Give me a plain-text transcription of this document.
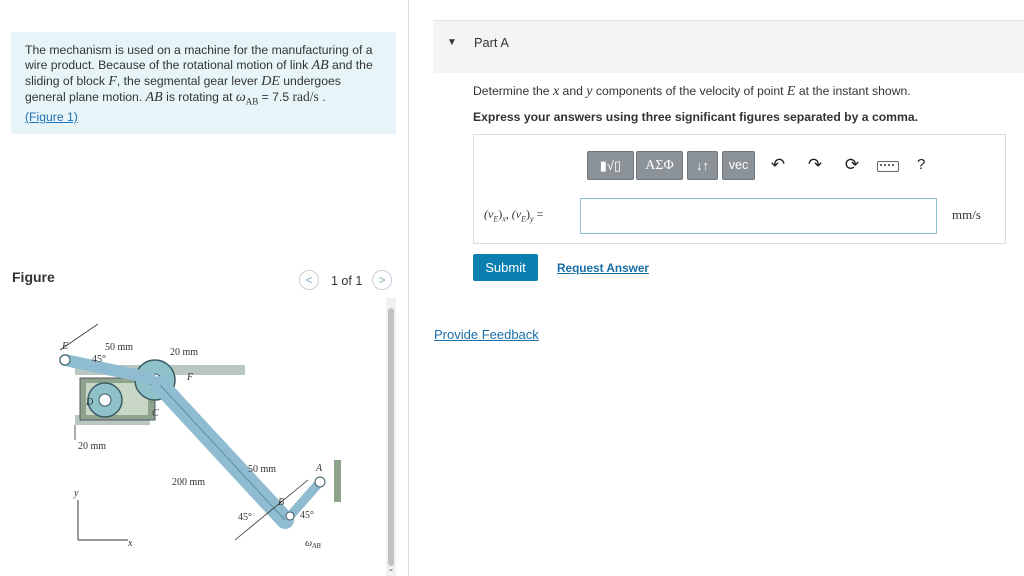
The mechanism is used on a machine for the manufacturing of a wire product. Because of the rotational motion of link AB and the sliding of block F, the segmental gear lever DE undergoes general plane motion. AB is rotating at $\omega_{AB} = 7.5$ rad/s .
(Figure 1)
Figure	<	1 of 1	>
E
D
C
F
A
B
50 mm	20 mm
45°
20 mm
50 mm
200 mm
45°	45°
$\omega_{AB}$
y
x
⌄
▼ Part A
Determine the x and y components of the velocity of point E at the instant shown.
Express your answers using three significant figures separated by a comma.
▮√▯	ΑΣΦ	↓↑	vec	↶ ↷ ⟳	?
$(v_E)_x$, $(v_E)_y$ =	mm/s
Submit	Request Answer
Provide Feedback
